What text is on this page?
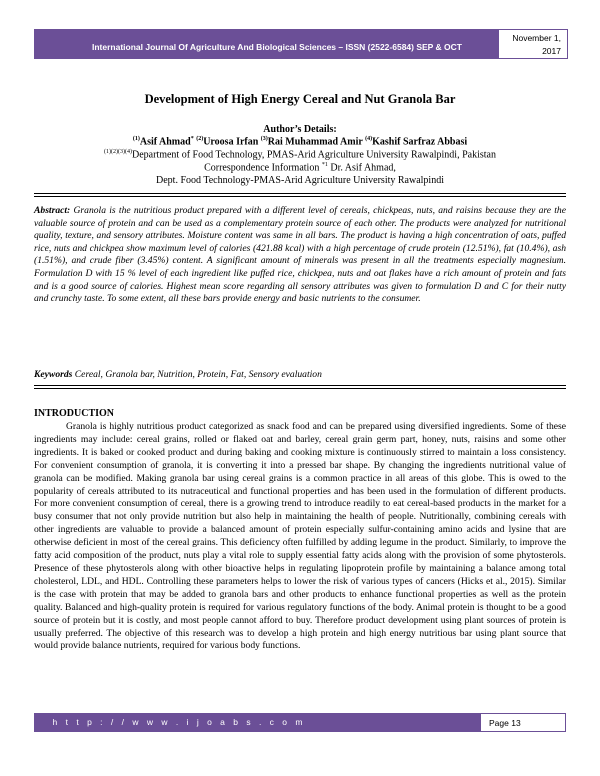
International Journal Of Agriculture And Biological Sciences – ISSN (2522-6584) SEP & OCT
November 1,
2017
Development of High Energy Cereal and Nut Granola Bar
Author’s Details:
$^{(1)}$Asif Ahmad* $^{(2)}$Uroosa Irfan $^{(3)}$Rai Muhammad Amir $^{(4)}$Kashif Sarfraz Abbasi
$^{(1)(2)(3)(4)}$Department of Food Technology, PMAS-Arid Agriculture University Rawalpindi, Pakistan
Correspondence Information $^{*1}$ Dr. Asif Ahmad,
Dept. Food Technology-PMAS-Arid Agriculture University Rawalpindi
Abstract: Granola is the nutritious product prepared with a different level of cereals, chickpeas, nuts, and raisins because they are the valuable source of protein and can be used as a complementary protein source of each other. The products were analyzed for nutritional quality, texture, and sensory attributes. Moisture content was same in all bars. The product is having a high concentration of oats, puffed rice, nuts and chickpea show maximum level of calories (421.88 kcal) with a high percentage of crude protein (12.51%), fat (10.4%), ash (1.51%), and crude fiber (3.45%) content. A significant amount of minerals was present in all the treatments especially magnesium. Formulation D with 15 % level of each ingredient like puffed rice, chickpea, nuts and oat flakes have a rich amount of protein and fats and is a good source of calories. Highest mean score regarding all sensory attributes was given to formulation D and C for their nutty and crunchy taste. To some extent, all these bars provide energy and basic nutrients to the consumer.
Keywords Cereal, Granola bar, Nutrition, Protein, Fat, Sensory evaluation
INTRODUCTION
Granola is highly nutritious product categorized as snack food and can be prepared using diversified ingredients. Some of these ingredients may include: cereal grains, rolled or flaked oat and barley, cereal grain germ part, honey, nuts, raisins and some other ingredients. It is baked or cooked product and during baking and cooking mixture is continuously stirred to maintain a loss consistency. For convenient consumption of granola, it is converting it into a pressed bar shape. By changing the ingredients nutritional value of granola can be modified. Making granola bar using cereal grains is a common practice in all areas of this globe. This is owed to the popularity of cereals attributed to its nutraceutical and functional properties and has been used in the formulation of different products. For more convenient consumption of cereal, there is a growing trend to introduce readily to eat cereal-based products in the market for a busy consumer that not only provide nutrition but also help in maintaining the health of people. Nutritionally, combining cereals with other ingredients are valuable to provide a balanced amount of protein especially sulfur-containing amino acids and lysine that are otherwise deficient in most of the cereal grains. This deficiency often fulfilled by adding legume in the product. Similarly, to improve the fatty acid composition of the product, nuts play a vital role to supply essential fatty acids along with the provision of some phytosterols. Presence of these phytosterols along with other bioactive helps in regulating lipoprotein profile by maintaining a balance among total cholesterol, LDL, and HDL. Controlling these parameters helps to lower the risk of various types of cancers (Hicks et al., 2015). Similar is the case with protein that may be added to granola bars and other products to enhance functional properties as well as the protein quality. Balanced and high-quality protein is required for various regulatory functions of the body. Animal protein is thought to be a good source of protein but it is costly, and most people cannot afford to buy. Therefore product development using plant sources of protein is usually preferred. The objective of this research was to develop a high protein and high energy nutritious bar using plant source that would provide balance nutrients, required for various body functions.
h t t p : / / w w w . i j o a b s . c o m	Page 13
